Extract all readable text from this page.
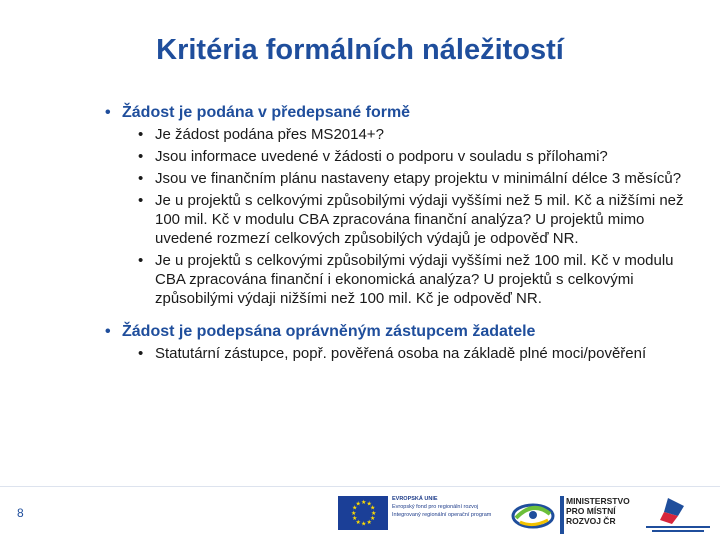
Kritéria formálních náležitostí
• Žádost je podána v předepsané formě
• Je žádost podána přes MS2014+?
• Jsou informace uvedené v žádosti o podporu v souladu s přílohami?
• Jsou ve finančním plánu nastaveny etapy projektu v minimální délce 3 měsíců?
• Je u projektů s celkovými způsobilými výdaji vyššími než 5 mil. Kč a nižšími než 100 mil. Kč v modulu CBA zpracována finanční analýza? U projektů mimo uvedené rozmezí celkových způsobilých výdajů je odpověď NR.
• Je u projektů s celkovými způsobilými výdaji vyššími než 100 mil. Kč v modulu CBA zpracována finanční i ekonomická analýza? U projektů s celkovými způsobilými výdaji nižšími než 100 mil. Kč je odpověď NR.
• Žádost je podepsána oprávněným zástupcem žadatele
• Statutární zástupce, popř. pověřená osoba na základě plné moci/pověření
8
★ ★
★
★
★
★
★
★
★
★
★
★
EVROPSKÁ UNIE
Evropský fond pro regionální rozvoj
Integrovaný regionální operační program
MINISTERSTVO
PRO MÍSTNÍ
ROZVOJ ČR
